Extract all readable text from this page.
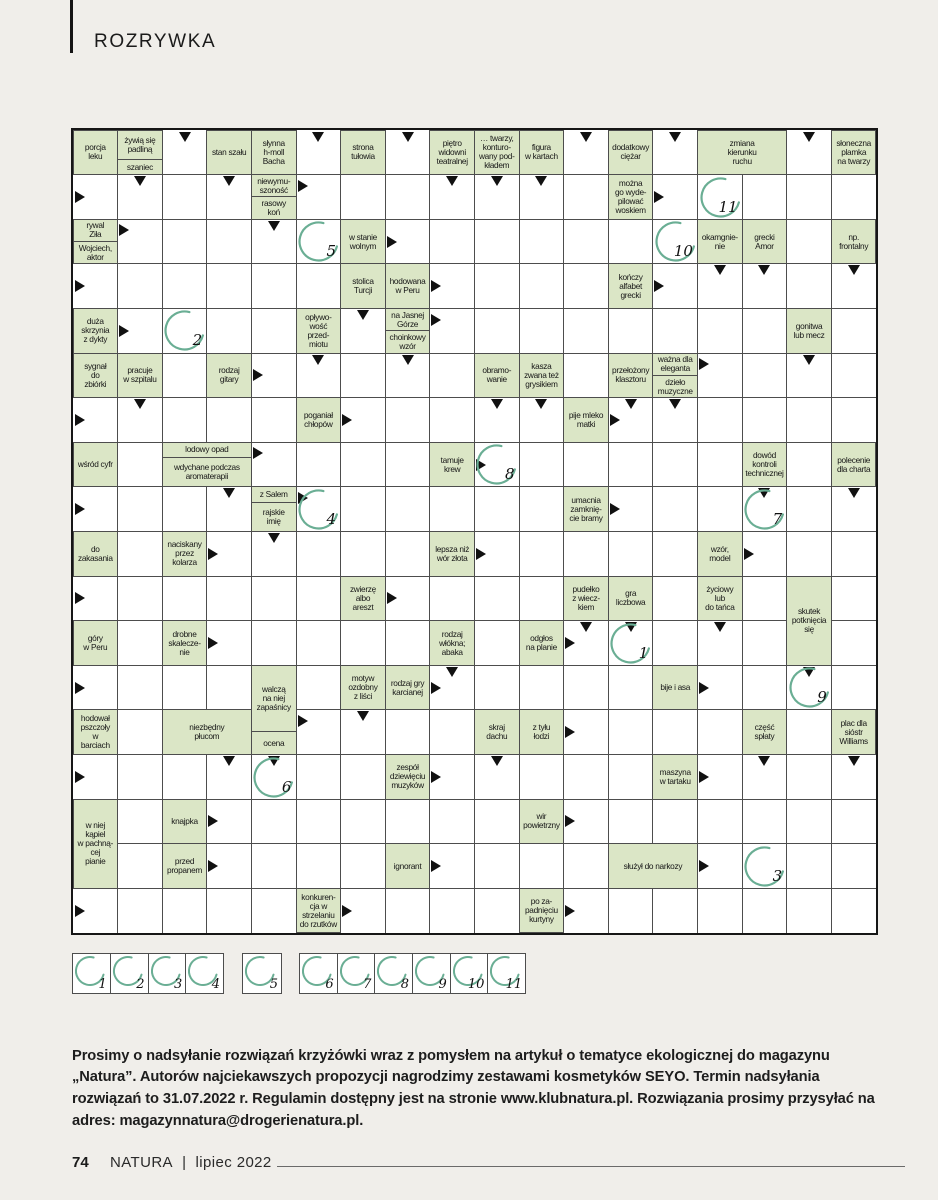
ROZRYWKA
porcja
leku
żywią się
padliną
szaniec
stan szału
słynna
h-moll
Bacha
strona
tułowia
piętro
widowni
teatralnej
… twarzy,
konturo-
wany pod-
kładem
figura
w kartach
dodatkowy
ciężar
zmiana
kierunku
ruchu
słoneczna
plamka
na twarzy
niewymu-
szoność
rasowy
koń
można
go wyde-
pilować
woskiem
rywal
Ziła
Wojciech,
aktor
w stanie
wolnym
okamgnie-
nie
grecki
Amor
np.
frontalny
stolica
Turcji
hodowana
w Peru
kończy
alfabet
grecki
duża
skrzynia
z dykty
opływo-
wość
przed-
miotu
na Jasnej
Górze
choinkowy
wzór
gonitwa
lub mecz
sygnał
do
zbiórki
pracuje
w szpitalu
rodzaj
gitary
obramo-
wanie
kasza
zwana też
grysikiem
przełożony
klasztoru
ważna dla
eleganta
dzieło
muzyczne
poganiał
chłopów
pije mleko
matki
wśród cyfr
lodowy opad
wdychane podczas
aromaterapii
tamuje
krew
dowód
kontroli
technicznej
polecenie
dla charta
z Salem
rajskie
imię
umacnia
zamknię-
cie bramy
do
zakasania
naciskany
przez
kolarza
lepsza niż
wór złota
wzór,
model
zwierzę
albo
areszt
pudełko
z wiecz-
kiem
gra
liczbowa
życiowy
lub
do tańca	skutek
potknięcia
się
góry
w Peru
drobne
skalecze-
nie
rodzaj
włókna;
abaka
odgłos
na planie
walczą
na niej
zapaśnicy
ocena
motyw
ozdobny
z liści
rodzaj gry
karcianej	bije i asa
hodował
pszczoły
w
barciach
niezbędny
płucom
skraj
dachu
z tyłu
łodzi
część
spłaty
plac dla
sióstr
Williams
zespół
dziewięciu
muzyków
maszyna
w tartaku
w niej
kąpiel
w pachną-
cej
pianie
knajpka	wir
powietrzny
przed
propanem	ignorant	służył do narkozy
konkuren-
cja w
strzelaniu
do rzutków
po za-
padnięciu
kurtyny
11
5	10
2
8
4	7
1
9
6
3
1 2 3 4	5	6 7 8 9 10 11

Prosimy o nadsyłanie rozwiązań krzyżówki wraz z pomysłem na artykuł o tematyce ekologicznej do magazynu „Natura”. Autorów najciekawszych propozycji nagrodzimy zestawami kosmetyków SEYO. Termin nadsyłania rozwiązań to 31.07.2022 r. Regulamin dostępny jest na stronie www.klubnatura.pl. Rozwiązania prosimy przysyłać na adres: magazynnatura@drogerienatura.pl.

74 NATURA | lipiec 2022
